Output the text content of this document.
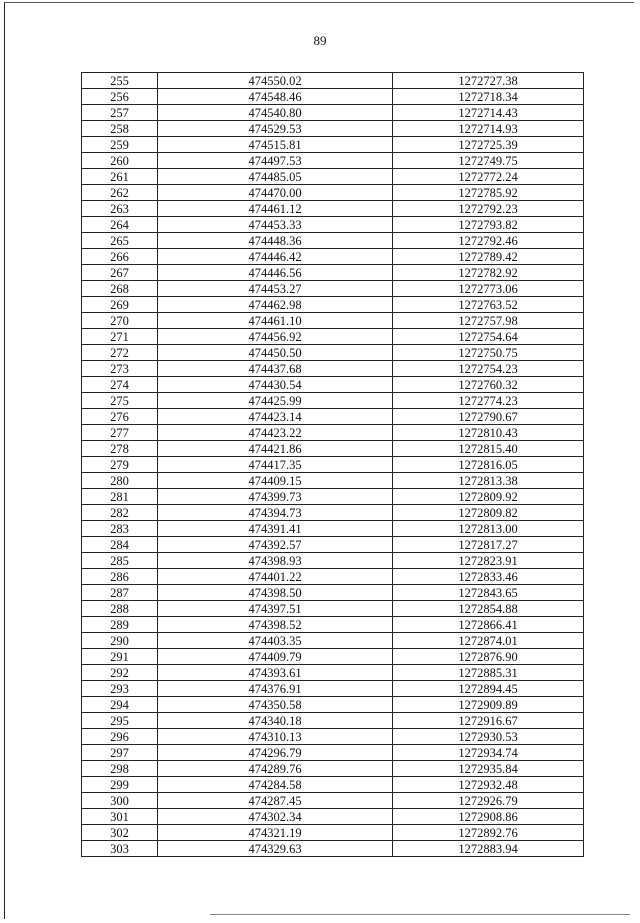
89
255	474550.02	1272727.38
256	474548.46	1272718.34
257	474540.80	1272714.43
258	474529.53	1272714.93
259	474515.81	1272725.39
260	474497.53	1272749.75
261	474485.05	1272772.24
262	474470.00	1272785.92
263	474461.12	1272792.23
264	474453.33	1272793.82
265	474448.36	1272792.46
266	474446.42	1272789.42
267	474446.56	1272782.92
268	474453.27	1272773.06
269	474462.98	1272763.52
270	474461.10	1272757.98
271	474456.92	1272754.64
272	474450.50	1272750.75
273	474437.68	1272754.23
274	474430.54	1272760.32
275	474425.99	1272774.23
276	474423.14	1272790.67
277	474423.22	1272810.43
278	474421.86	1272815.40
279	474417.35	1272816.05
280	474409.15	1272813.38
281	474399.73	1272809.92
282	474394.73	1272809.82
283	474391.41	1272813.00
284	474392.57	1272817.27
285	474398.93	1272823.91
286	474401.22	1272833.46
287	474398.50	1272843.65
288	474397.51	1272854.88
289	474398.52	1272866.41
290	474403.35	1272874.01
291	474409.79	1272876.90
292	474393.61	1272885.31
293	474376.91	1272894.45
294	474350.58	1272909.89
295	474340.18	1272916.67
296	474310.13	1272930.53
297	474296.79	1272934.74
298	474289.76	1272935.84
299	474284.58	1272932.48
300	474287.45	1272926.79
301	474302.34	1272908.86
302	474321.19	1272892.76
303	474329.63	1272883.94
